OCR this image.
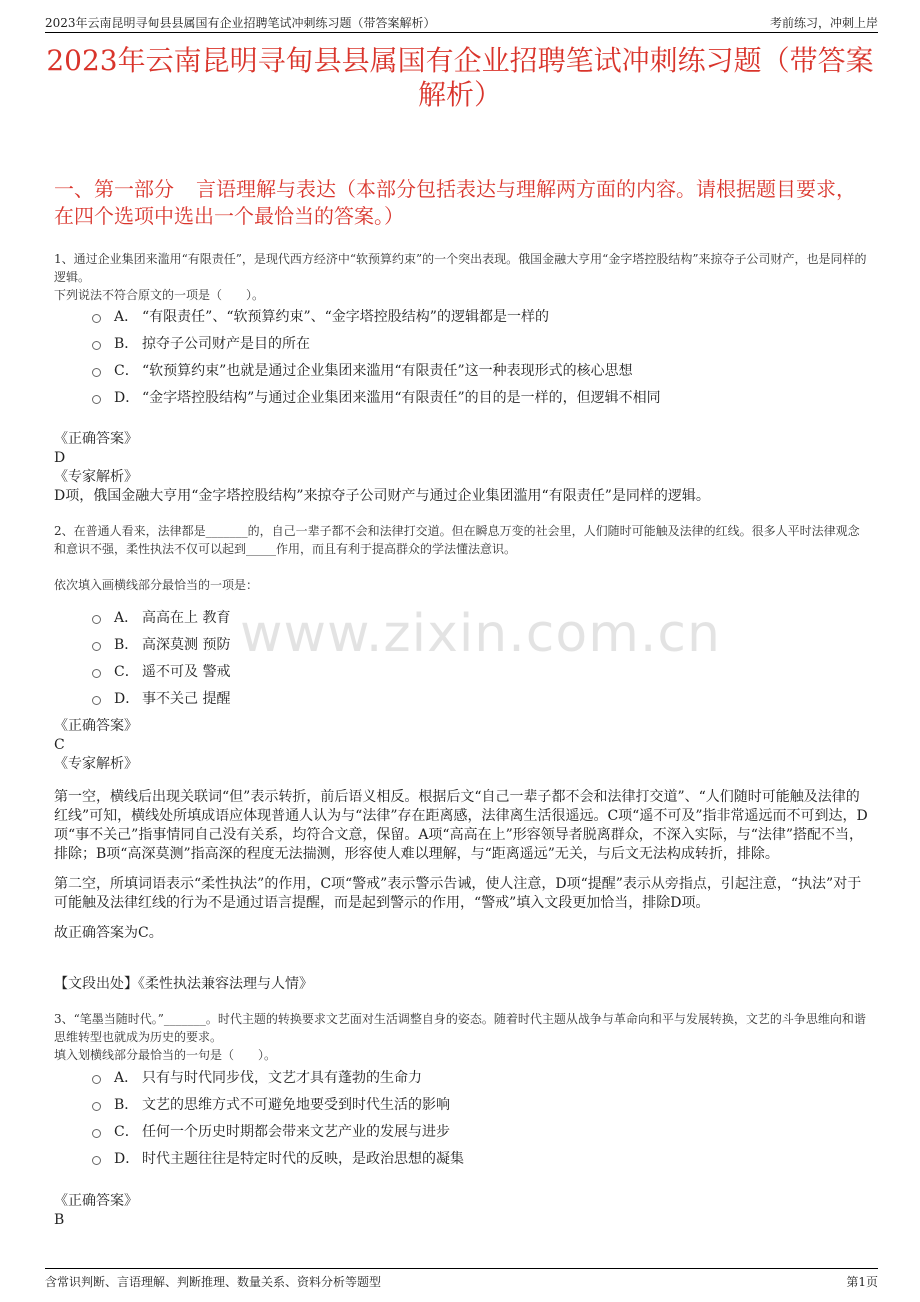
2023年云南昆明寻甸县县属国有企业招聘笔试冲刺练习题（带答案解析）	考前练习，冲刺上岸
2023年云南昆明寻甸县县属国有企业招聘笔试冲刺练习题（带答案解析）
一、第一部分 言语理解与表达（本部分包括表达与理解两方面的内容。请根据题目要求，在四个选项中选出一个最恰当的答案。）

1、通过企业集团来滥用“有限责任”，是现代西方经济中“软预算约束”的一个突出表现。俄国金融大亨用“金字塔控股结构”来掠夺子公司财产，也是同样的逻辑。

下列说法不符合原文的一项是（　　）。

A． “有限责任”、“软预算约束”、“金字塔控股结构”的逻辑都是一样的
B． 掠夺子公司财产是目的所在
C． “软预算约束”也就是通过企业集团来滥用“有限责任”这一种表现形式的核心思想
D． “金字塔控股结构”与通过企业集团来滥用“有限责任”的目的是一样的，但逻辑不相同
《正确答案》
D
《专家解析》
D项，俄国金融大亨用“金字塔控股结构”来掠夺子公司财产与通过企业集团滥用“有限责任”是同样的逻辑。

2、在普通人看来，法律都是_______的，自己一辈子都不会和法律打交道。但在瞬息万变的社会里，人们随时可能触及法律的红线。很多人平时法律观念和意识不强，柔性执法不仅可以起到_____作用，而且有利于提高群众的学法懂法意识。

依次填入画横线部分最恰当的一项是：

A． 高高在上 教育
B． 高深莫测 预防
C． 遥不可及 警戒
D． 事不关己 提醒
《正确答案》
C
《专家解析》

第一空，横线后出现关联词“但”表示转折，前后语义相反。根据后文“自己一辈子都不会和法律打交道”、“人们随时可能触及法律的红线”可知，横线处所填成语应体现普通人认为与“法律”存在距离感，法律离生活很遥远。C项“遥不可及”指非常遥远而不可到达，D项“事不关己”指事情同自己没有关系，均符合文意，保留。A项“高高在上”形容领导者脱离群众，不深入实际，与“法律”搭配不当，排除；B项“高深莫测”指高深的程度无法揣测，形容使人难以理解，与“距离遥远”无关，与后文无法构成转折，排除。

第二空，所填词语表示“柔性执法”的作用，C项“警戒”表示警示告诫，使人注意，D项“提醒”表示从旁指点，引起注意，“执法”对于可能触及法律红线的行为不是通过语言提醒，而是起到警示的作用，“警戒”填入文段更加恰当，排除D项。

故正确答案为C。

【文段出处】《柔性执法兼容法理与人情》

3、“笔墨当随时代。”_______。时代主题的转换要求文艺面对生活调整自身的姿态。随着时代主题从战争与革命向和平与发展转换，文艺的斗争思维向和谐思维转型也就成为历史的要求。

填入划横线部分最恰当的一句是（　　）。

A． 只有与时代同步伐，文艺才具有蓬勃的生命力
B． 文艺的思维方式不可避免地要受到时代生活的影响
C． 任何一个历史时期都会带来文艺产业的发展与进步
D． 时代主题往往是特定时代的反映，是政治思想的凝集
《正确答案》
B
www.zixin.com.cn
含常识判断、言语理解、判断推理、数量关系、资料分析等题型	第1页
